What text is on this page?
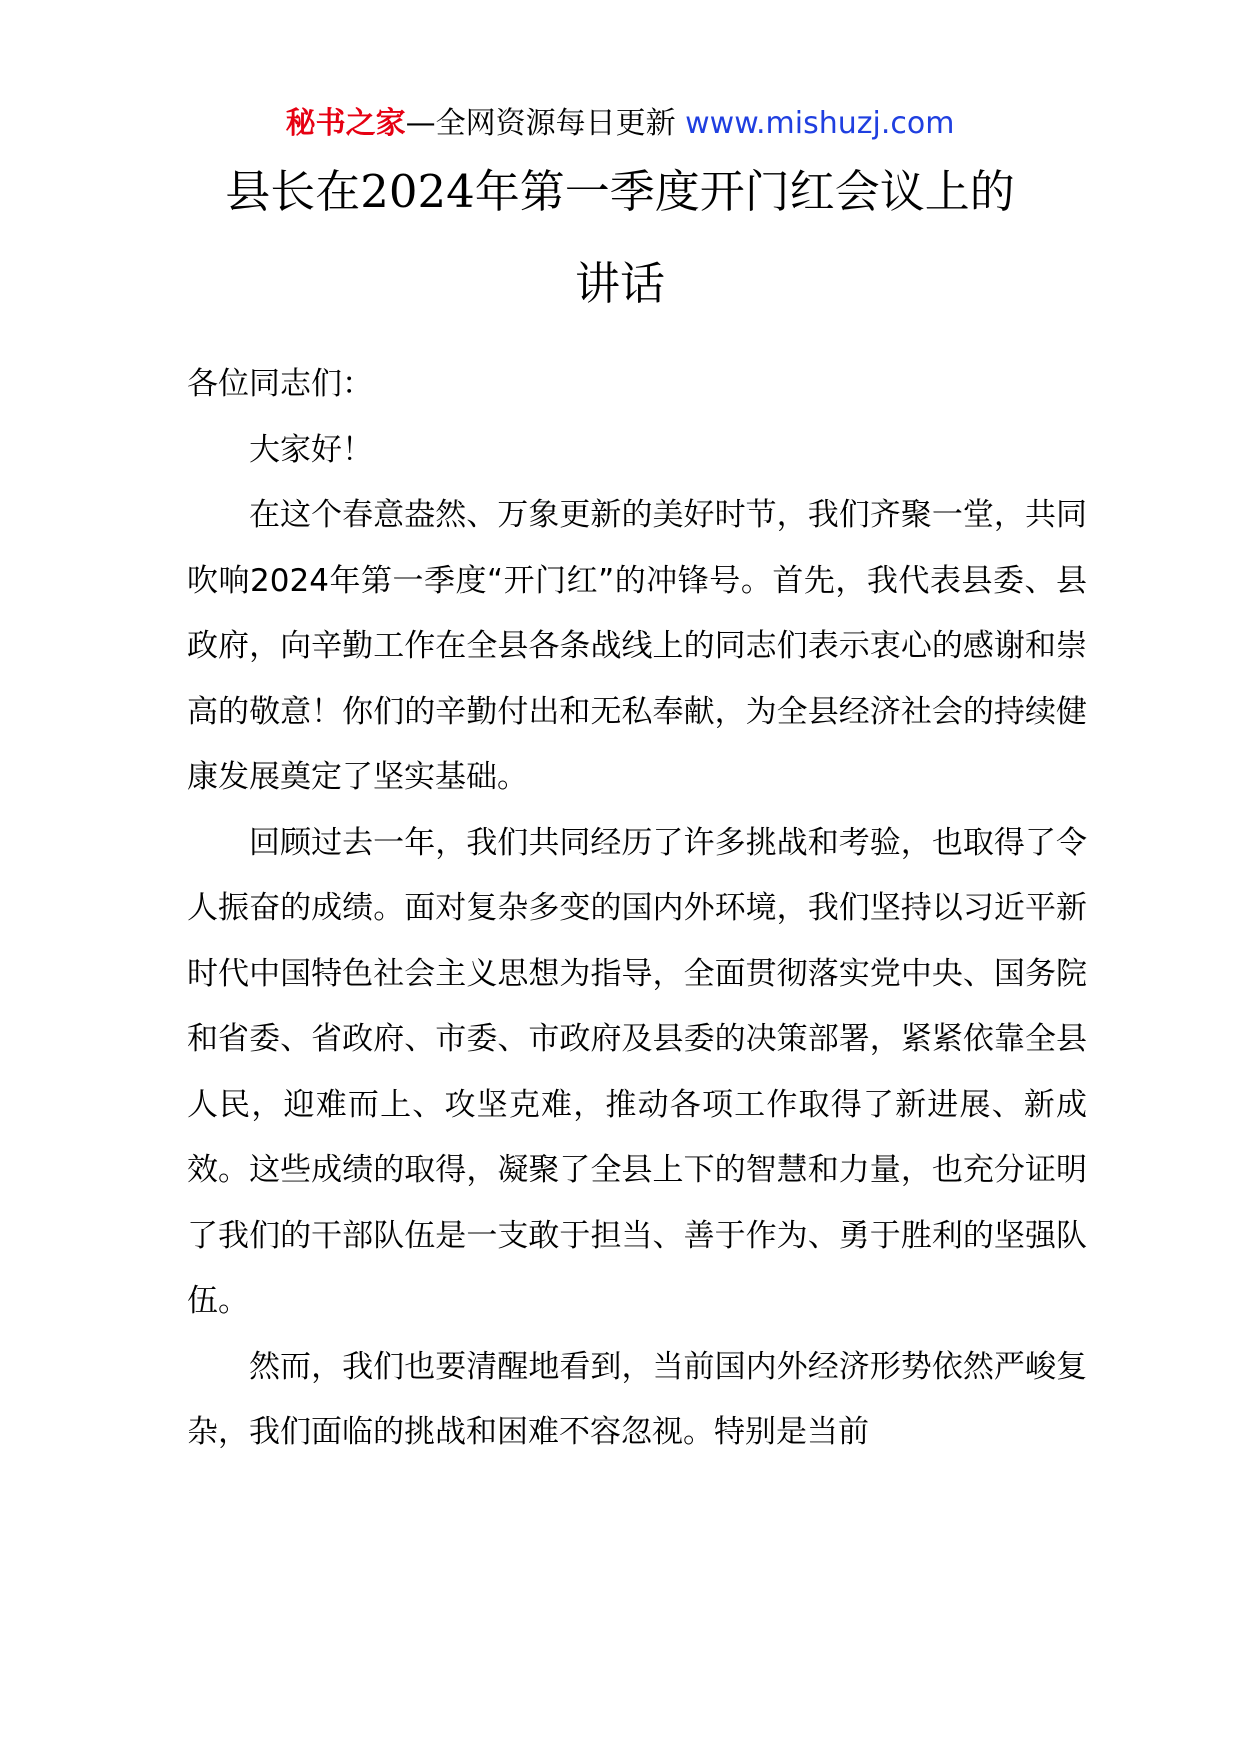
秘书之家—全网资源每日更新 www.mishuzj.com
县长在2024年第一季度开门红会议上的
讲话

各位同志们：

大家好！

在这个春意盎然、万象更新的美好时节，我们齐聚一堂，共同吹响2024年第一季度“开门红”的冲锋号。首先，我代表县委、县政府，向辛勤工作在全县各条战线上的同志们表示衷心的感谢和崇高的敬意！你们的辛勤付出和无私奉献，为全县经济社会的持续健康发展奠定了坚实基础。

回顾过去一年，我们共同经历了许多挑战和考验，也取得了令人振奋的成绩。面对复杂多变的国内外环境，我们坚持以习近平新时代中国特色社会主义思想为指导，全面贯彻落实党中央、国务院和省委、省政府、市委、市政府及县委的决策部署，紧紧依靠全县人民，迎难而上、攻坚克难，推动各项工作取得了新进展、新成效。这些成绩的取得，凝聚了全县上下的智慧和力量，也充分证明了我们的干部队伍是一支敢于担当、善于作为、勇于胜利的坚强队伍。

然而，我们也要清醒地看到，当前国内外经济形势依然严峻复杂，我们面临的挑战和困难不容忽视。特别是当前
